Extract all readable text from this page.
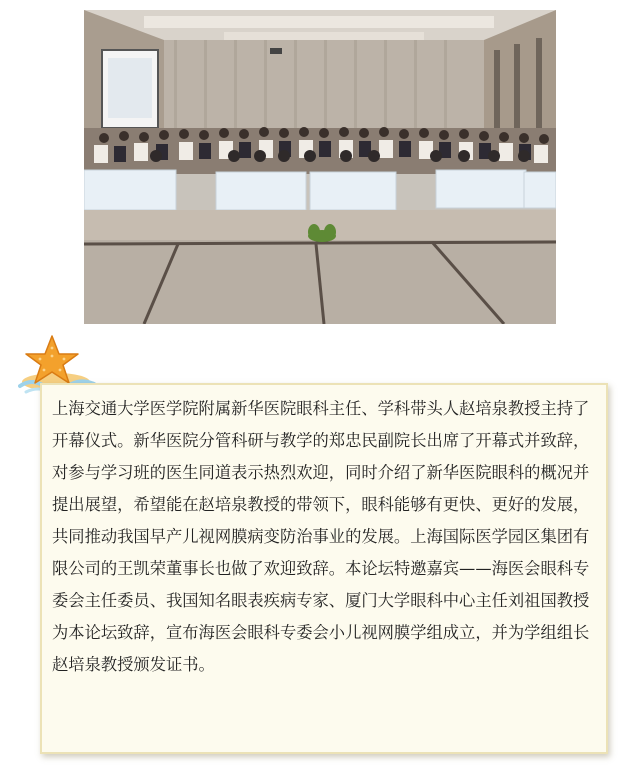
上海交通大学医学院附属新华医院眼科主任、学科带头人赵培泉教授主持了开幕仪式。新华医院分管科研与教学的郑忠民副院长出席了开幕式并致辞，对参与学习班的医生同道表示热烈欢迎，同时介绍了新华医院眼科的概况并提出展望，希望能在赵培泉教授的带领下，眼科能够有更快、更好的发展，共同推动我国早产儿视网膜病变防治事业的发展。上海国际医学园区集团有限公司的王凯荣董事长也做了欢迎致辞。本论坛特邀嘉宾——海医会眼科专委会主任委员、我国知名眼表疾病专家、厦门大学眼科中心主任刘祖国教授为本论坛致辞，宣布海医会眼科专委会小儿视网膜学组成立，并为学组组长赵培泉教授颁发证书。
